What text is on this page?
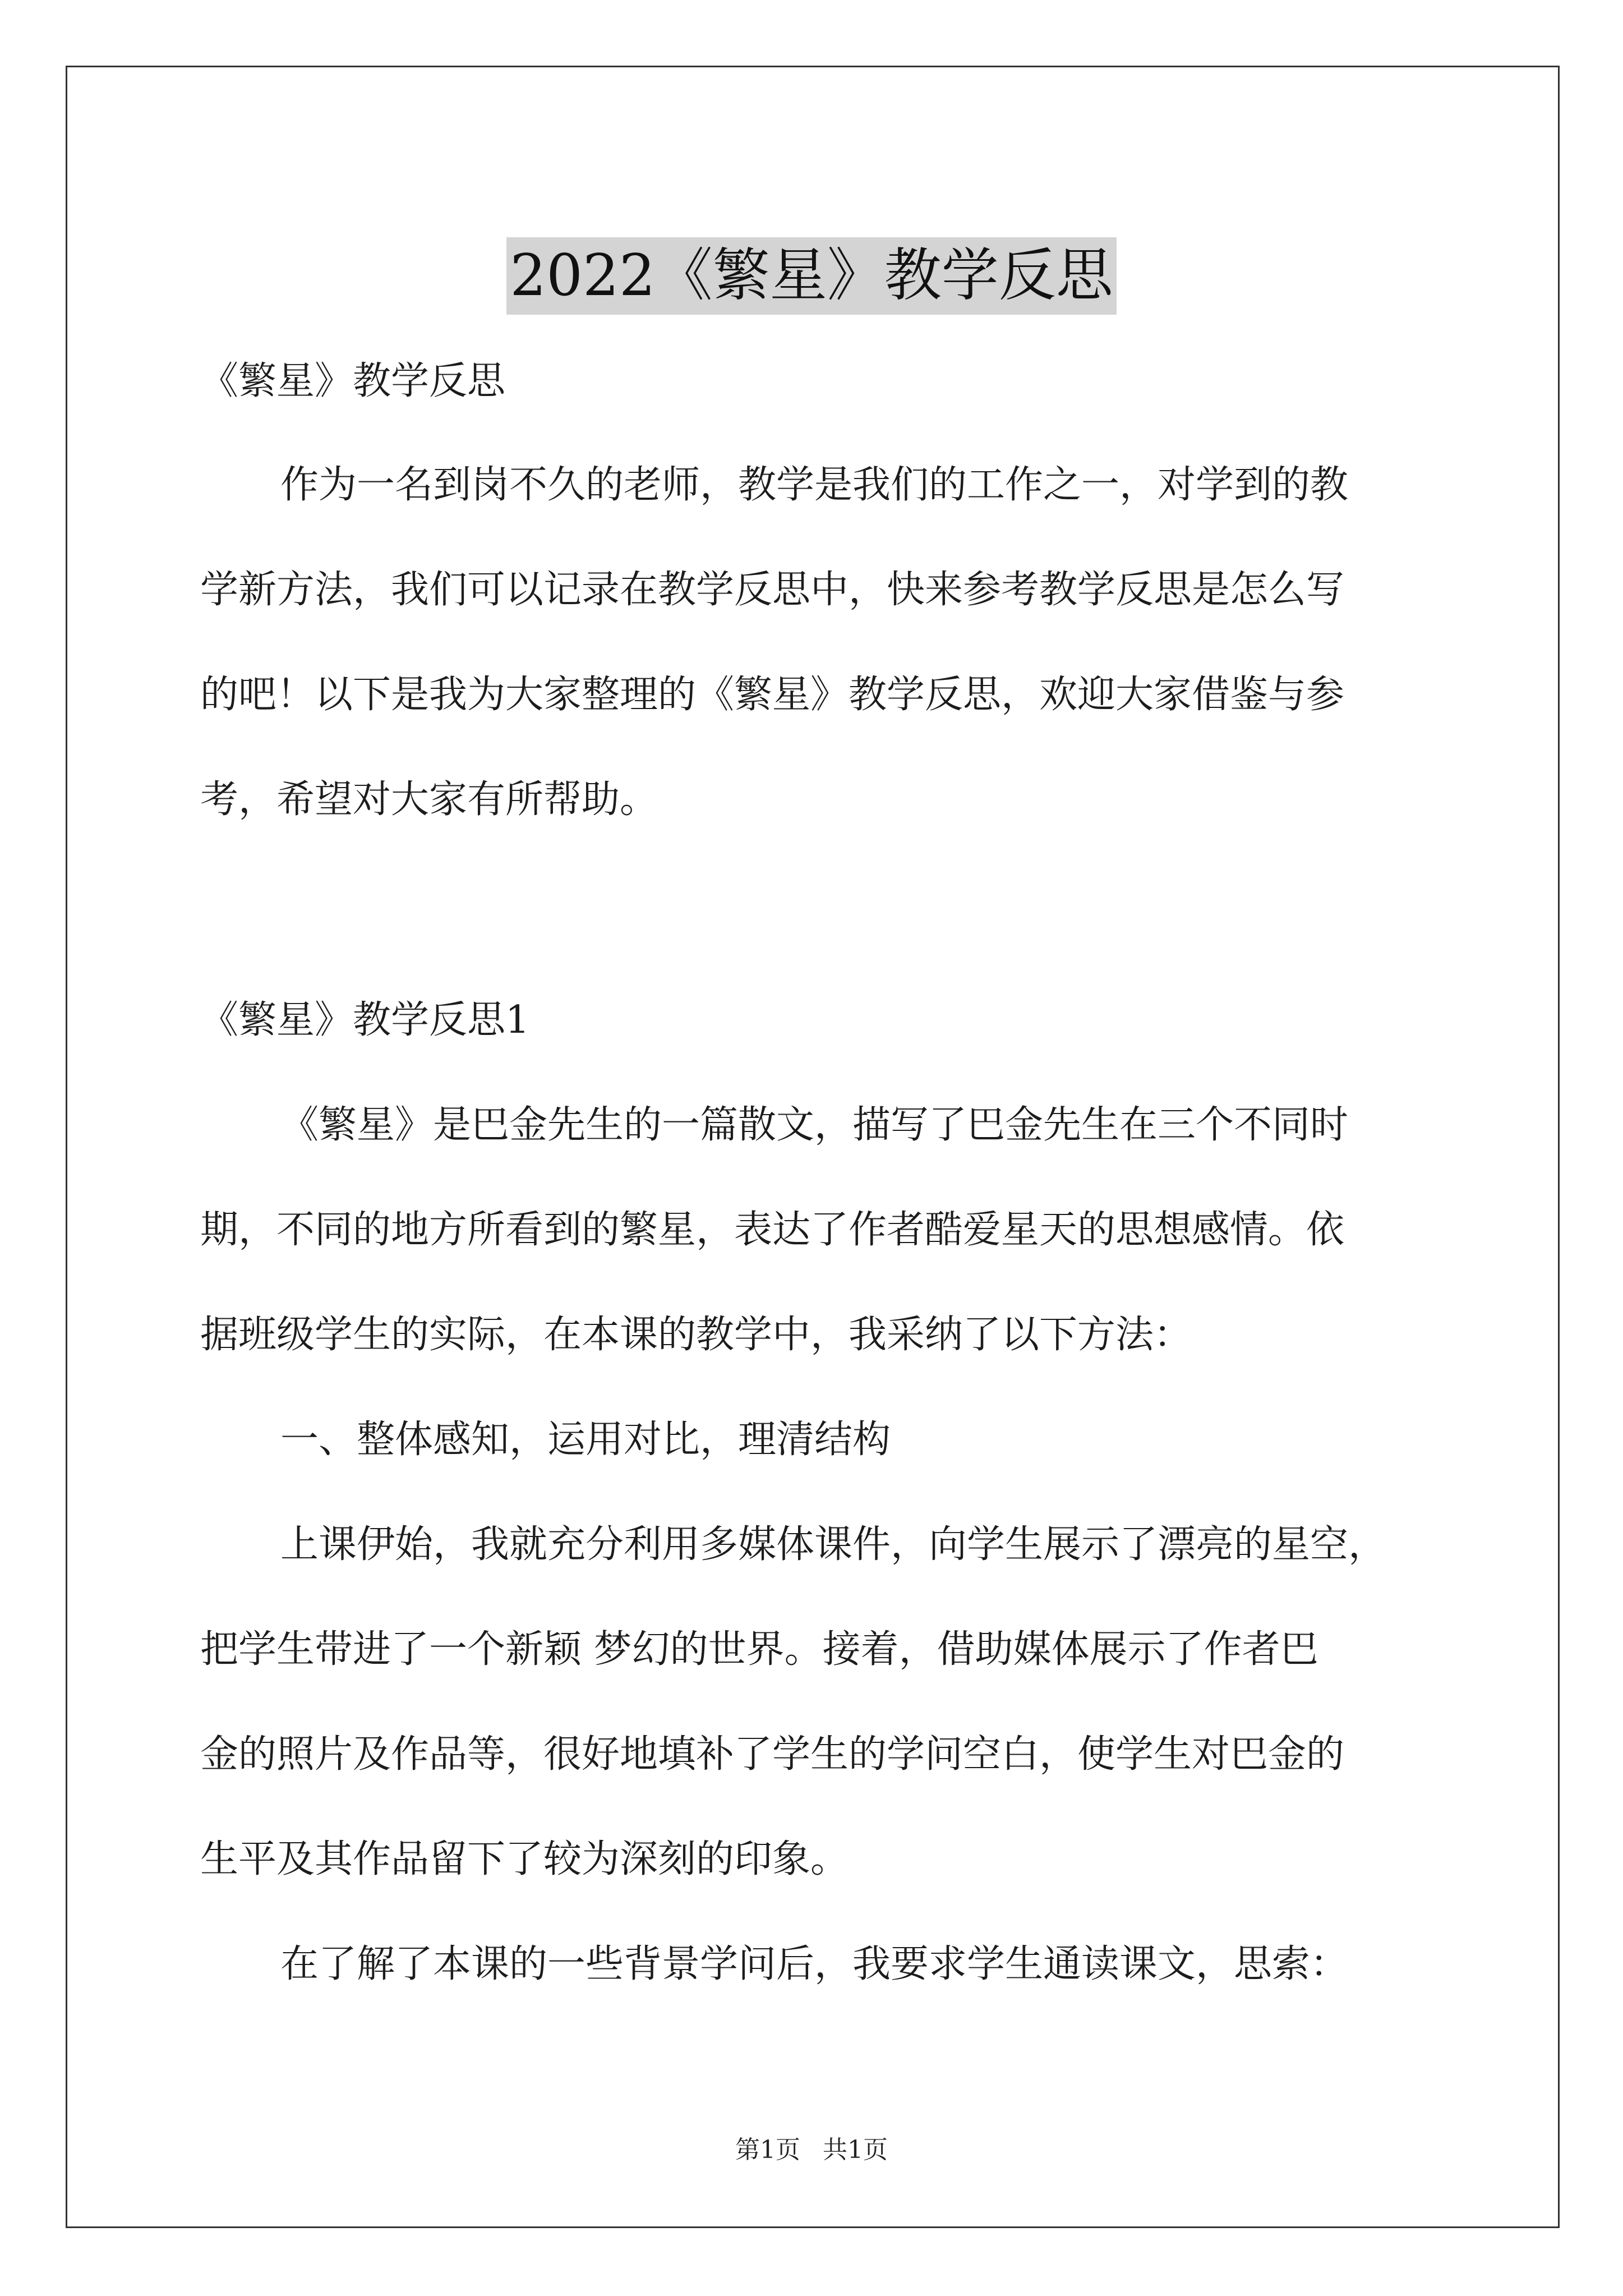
2022《繁星》教学反思
《繁星》教学反思
作为一名到岗不久的老师，教学是我们的工作之一，对学到的教
学新方法，我们可以记录在教学反思中，快来参考教学反思是怎么写
的吧！以下是我为大家整理的《繁星》教学反思，欢迎大家借鉴与参
考，希望对大家有所帮助。
《繁星》教学反思1
《繁星》是巴金先生的一篇散文，描写了巴金先生在三个不同时
期，不同的地方所看到的繁星，表达了作者酷爱星天的思想感情。依
据班级学生的实际，在本课的教学中，我采纳了以下方法：
一、整体感知，运用对比，理清结构
上课伊始，我就充分利用多媒体课件，向学生展示了漂亮的星空，
把学生带进了一个新颖 梦幻的世界。接着，借助媒体展示了作者巴
金的照片及作品等，很好地填补了学生的学问空白，使学生对巴金的
生平及其作品留下了较为深刻的印象。
在了解了本课的一些背景学问后，我要求学生通读课文，思索：
第1页 共1页
